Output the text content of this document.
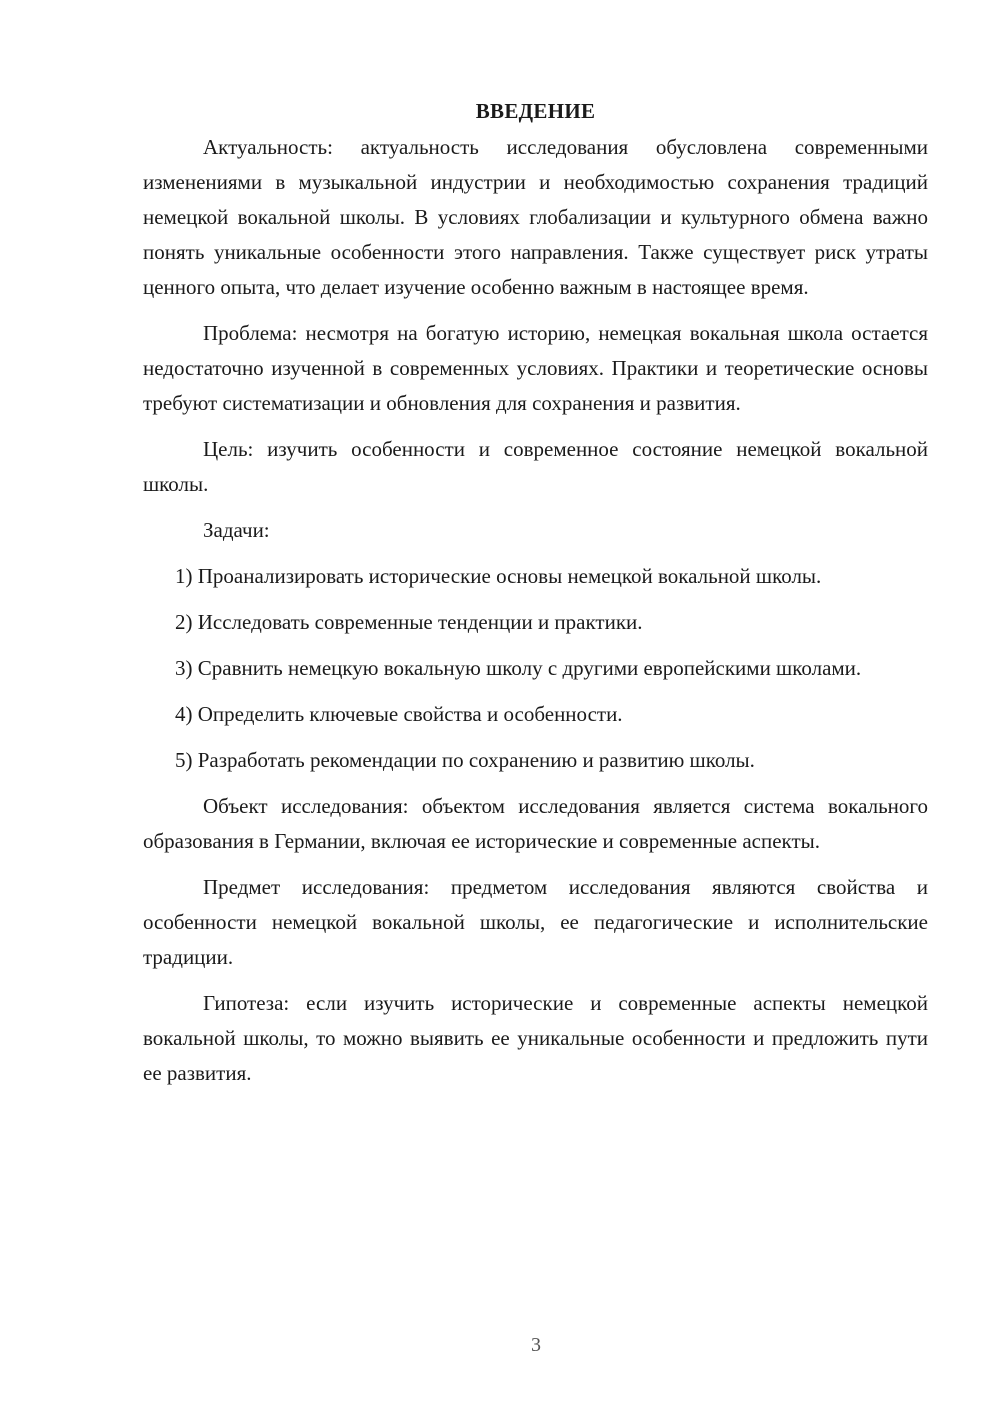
ВВЕДЕНИЕ

Актуальность: актуальность исследования обусловлена современными изменениями в музыкальной индустрии и необходимостью сохранения традиций немецкой вокальной школы. В условиях глобализации и культурного обмена важно понять уникальные особенности этого направления. Также существует риск утраты ценного опыта, что делает изучение особенно важным в настоящее время.

Проблема: несмотря на богатую историю, немецкая вокальная школа остается недостаточно изученной в современных условиях. Практики и теоретические основы требуют систематизации и обновления для сохранения и развития.

Цель: изучить особенности и современное состояние немецкой вокальной школы.

Задачи:

1) Проанализировать исторические основы немецкой вокальной школы.

2) Исследовать современные тенденции и практики.

3) Сравнить немецкую вокальную школу с другими европейскими школами.

4) Определить ключевые свойства и особенности.

5) Разработать рекомендации по сохранению и развитию школы.

Объект исследования: объектом исследования является система вокального образования в Германии, включая ее исторические и современные аспекты.

Предмет исследования: предметом исследования являются свойства и особенности немецкой вокальной школы, ее педагогические и исполнительские традиции.

Гипотеза: если изучить исторические и современные аспекты немецкой вокальной школы, то можно выявить ее уникальные особенности и предложить пути ее развития.

3
